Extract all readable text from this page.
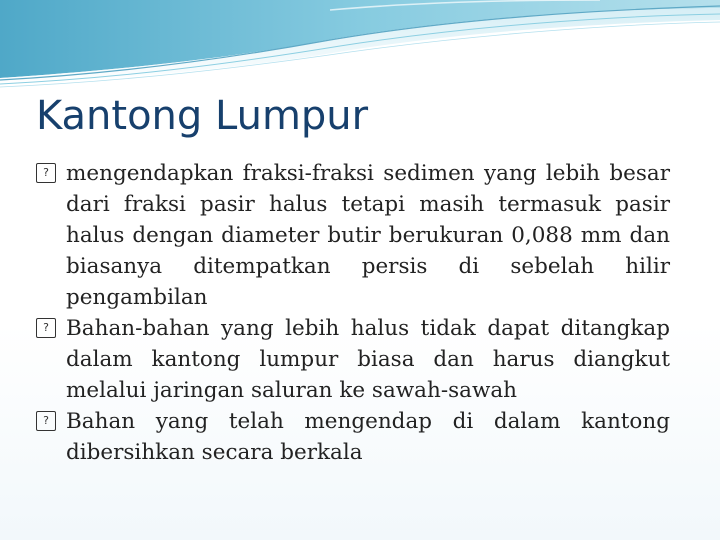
Kantong Lumpur
? mengendapkan fraksi-fraksi sedimen yang lebih besar dari fraksi pasir halus tetapi masih termasuk pasir halus dengan diameter butir berukuran 0,088 mm dan biasanya ditempatkan persis di sebelah hilir pengambilan
? Bahan-bahan yang lebih halus tidak dapat ditangkap dalam kantong lumpur biasa dan harus diangkut melalui jaringan saluran ke sawah-sawah
? Bahan yang telah mengendap di dalam kantong dibersihkan secara berkala
